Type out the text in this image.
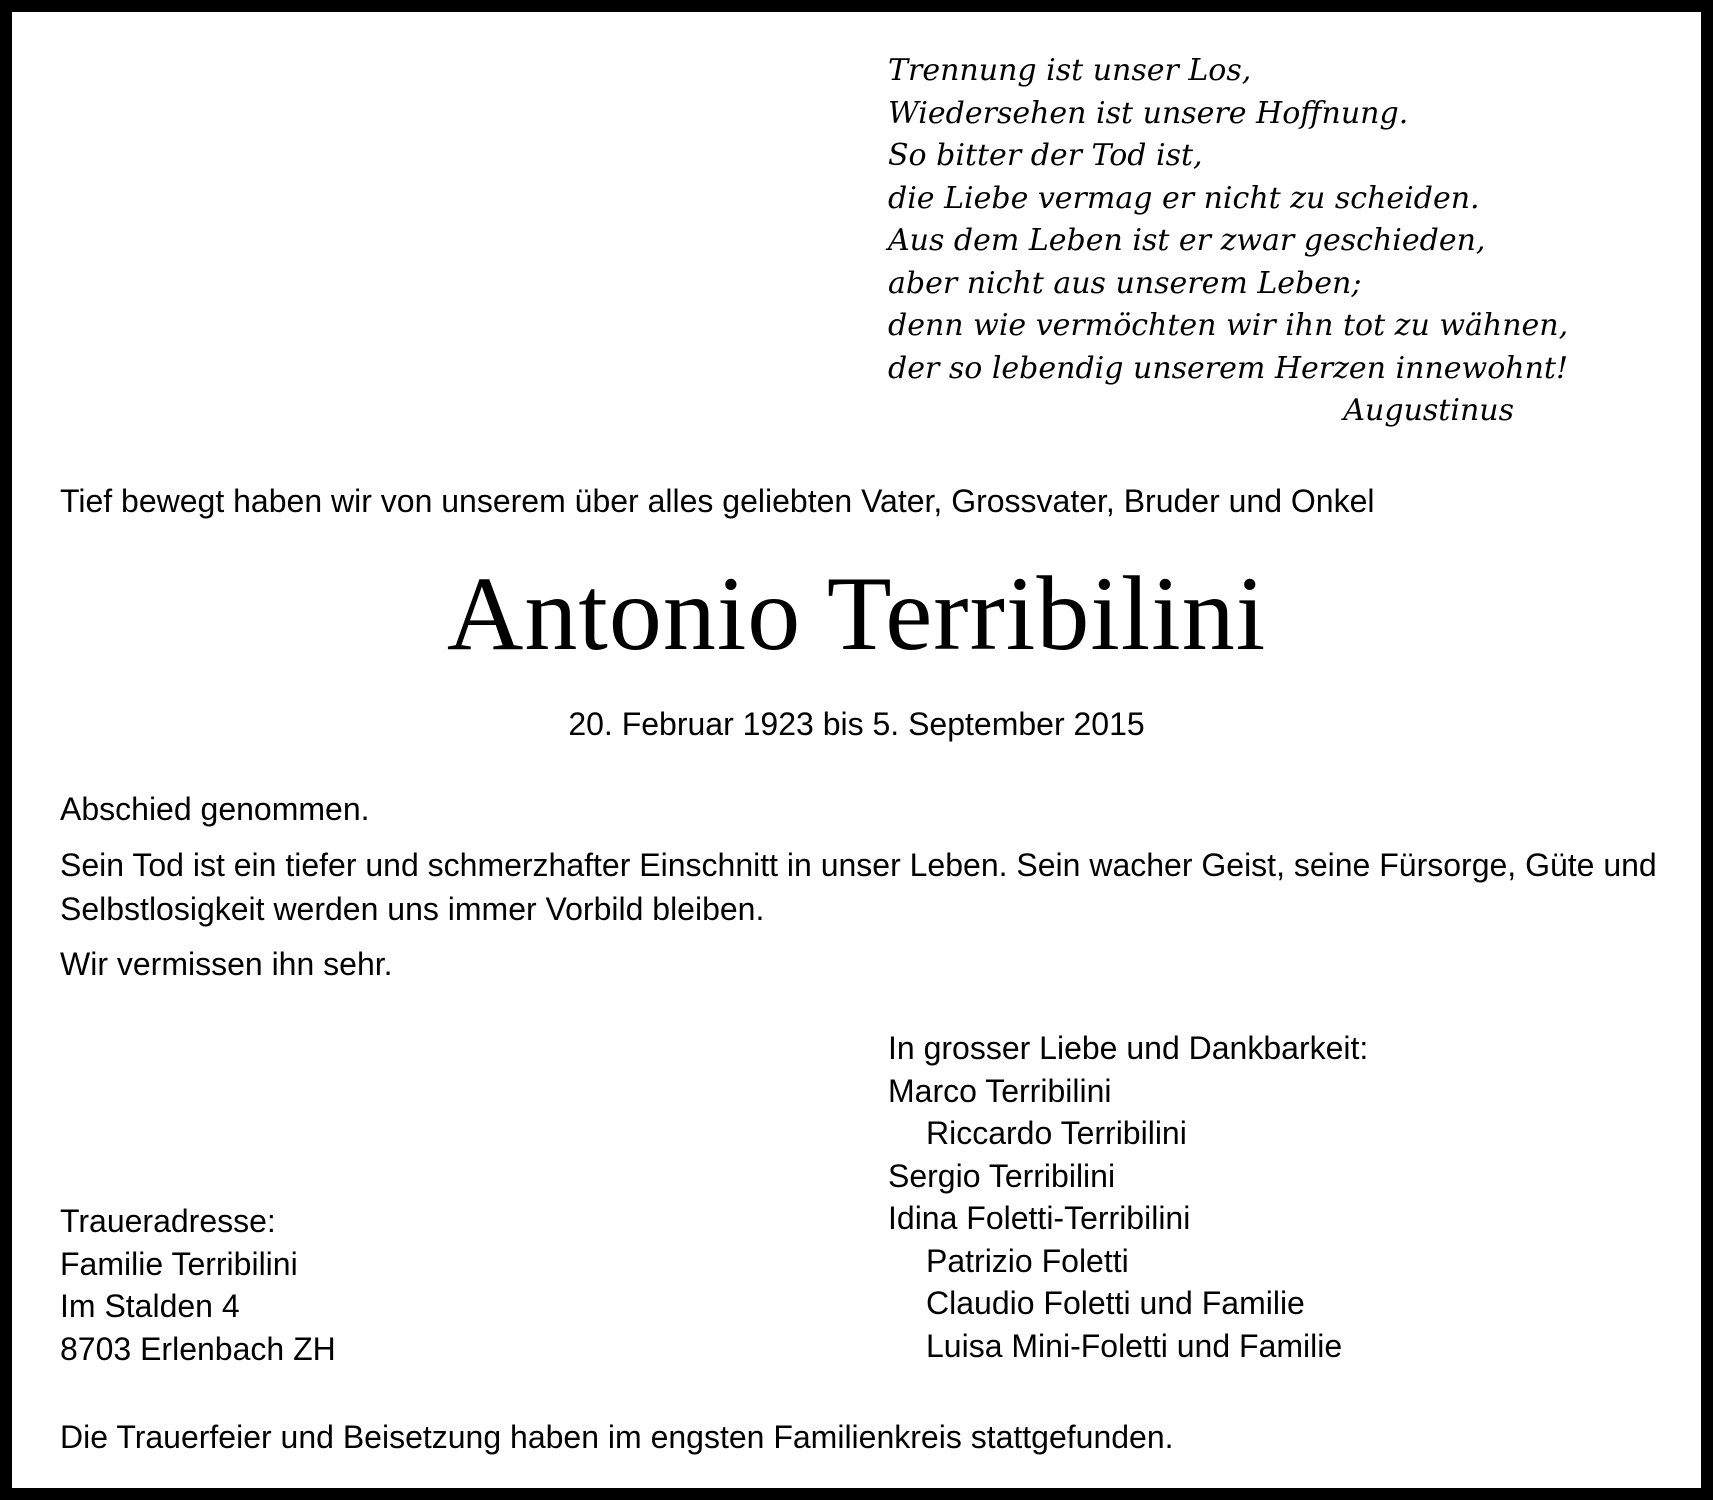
Trennung ist unser Los,
Wiedersehen ist unsere Hoffnung.
So bitter der Tod ist,
die Liebe vermag er nicht zu scheiden.
Aus dem Leben ist er zwar geschieden,
aber nicht aus unserem Leben;
denn wie vermöchten wir ihn tot zu wähnen,
der so lebendig unserem Herzen innewohnt!
Augustinus
Tief bewegt haben wir von unserem über alles geliebten Vater, Grossvater, Bruder und Onkel
Antonio Terribilini
20. Februar 1923 bis 5. September 2015
Abschied genommen.
Sein Tod ist ein tiefer und schmerzhafter Einschnitt in unser Leben. Sein wacher Geist, seine Fürsorge, Güte und Selbstlosigkeit werden uns immer Vorbild bleiben.
Wir vermissen ihn sehr.
In grosser Liebe und Dankbarkeit:
Marco Terribilini
Riccardo Terribilini
Sergio Terribilini
Idina Foletti-Terribilini
Patrizio Foletti
Claudio Foletti und Familie
Luisa Mini-Foletti und Familie
Traueradresse:
Familie Terribilini
Im Stalden 4
8703 Erlenbach ZH
Die Trauerfeier und Beisetzung haben im engsten Familienkreis stattgefunden.
